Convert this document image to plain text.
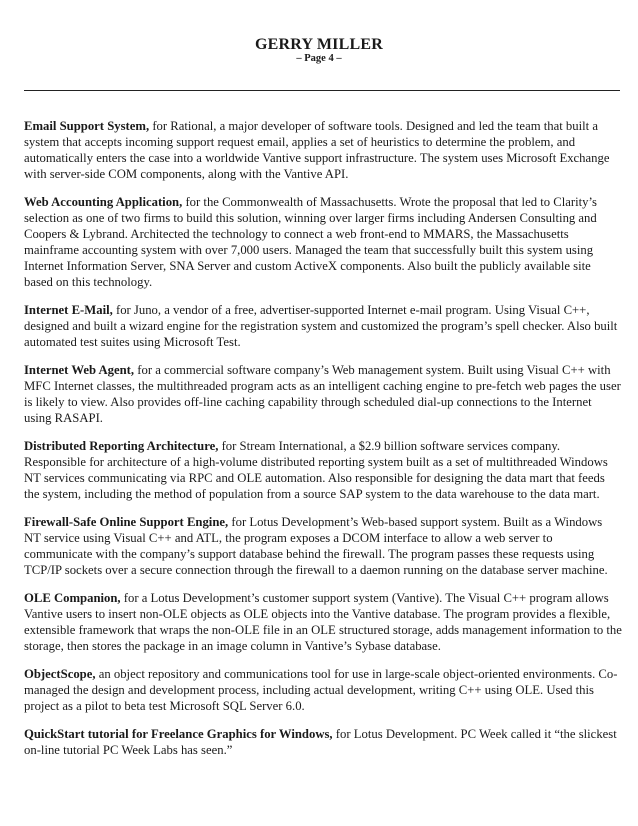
GERRY MILLER
– Page 4 –

Email Support System, for Rational, a major developer of software tools. Designed and led the team that built a system that accepts incoming support request email, applies a set of heuristics to determine the problem, and automatically enters the case into a worldwide Vantive support infrastructure. The system uses Microsoft Exchange with server-side COM components, along with the Vantive API.

Web Accounting Application, for the Commonwealth of Massachusetts. Wrote the proposal that led to Clarity’s selection as one of two firms to build this solution, winning over larger firms including Andersen Consulting and Coopers & Lybrand. Architected the technology to connect a web front-end to MMARS, the Massachusetts mainframe accounting system with over 7,000 users. Managed the team that successfully built this system using Internet Information Server, SNA Server and custom ActiveX components. Also built the publicly available site based on this technology.

Internet E-Mail, for Juno, a vendor of a free, advertiser-supported Internet e-mail program. Using Visual C++, designed and built a wizard engine for the registration system and customized the program’s spell checker. Also built automated test suites using Microsoft Test.

Internet Web Agent, for a commercial software company’s Web management system. Built using Visual C++ with MFC Internet classes, the multithreaded program acts as an intelligent caching engine to pre-fetch web pages the user is likely to view. Also provides off-line caching capability through scheduled dial-up connections to the Internet using RASAPI.

Distributed Reporting Architecture, for Stream International, a $2.9 billion software services company. Responsible for architecture of a high-volume distributed reporting system built as a set of multithreaded Windows NT services communicating via RPC and OLE automation. Also responsible for designing the data mart that feeds the system, including the method of population from a source SAP system to the data warehouse to the data mart.

Firewall-Safe Online Support Engine, for Lotus Development’s Web-based support system. Built as a Windows NT service using Visual C++ and ATL, the program exposes a DCOM interface to allow a web server to communicate with the company’s support database behind the firewall. The program passes these requests using TCP/IP sockets over a secure connection through the firewall to a daemon running on the database server machine.

OLE Companion, for a Lotus Development’s customer support system (Vantive). The Visual C++ program allows Vantive users to insert non-OLE objects as OLE objects into the Vantive database. The program provides a flexible, extensible framework that wraps the non-OLE file in an OLE structured storage, adds management information to the storage, then stores the package in an image column in Vantive’s Sybase database.

ObjectScope, an object repository and communications tool for use in large-scale object-oriented environments. Co-managed the design and development process, including actual development, writing C++ using OLE. Used this project as a pilot to beta test Microsoft SQL Server 6.0.

QuickStart tutorial for Freelance Graphics for Windows, for Lotus Development. PC Week called it “the slickest on-line tutorial PC Week Labs has seen.”
